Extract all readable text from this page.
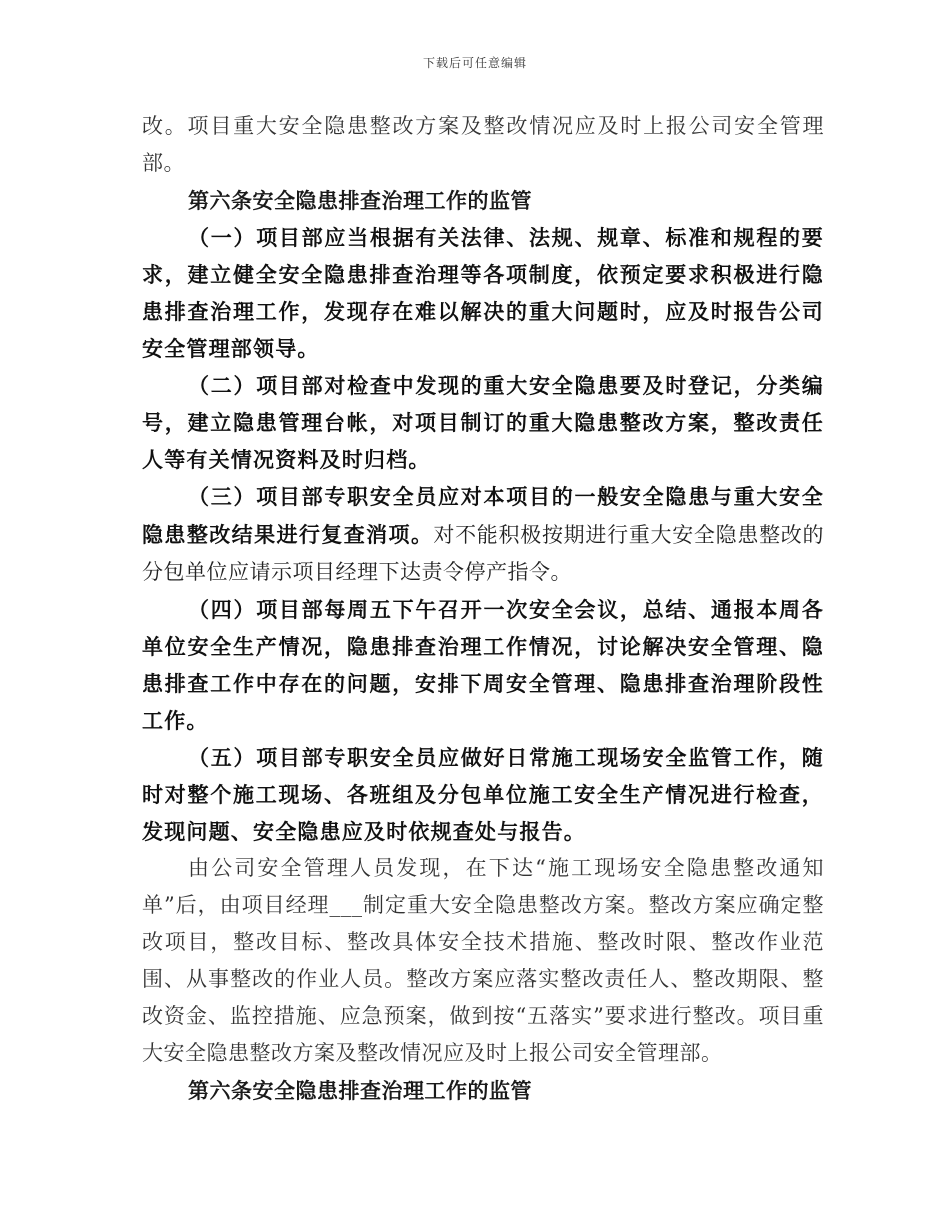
下载后可任意编辑

改。项目重大安全隐患整改方案及整改情况应及时上报公司安全管理部。

第六条安全隐患排查治理工作的监管

（一）项目部应当根据有关法律、法规、规章、标准和规程的要求，建立健全安全隐患排查治理等各项制度，依预定要求积极进行隐患排查治理工作，发现存在难以解决的重大问题时，应及时报告公司安全管理部领导。

（二）项目部对检查中发现的重大安全隐患要及时登记，分类编号，建立隐患管理台帐，对项目制订的重大隐患整改方案，整改责任人等有关情况资料及时归档。

（三）项目部专职安全员应对本项目的一般安全隐患与重大安全隐患整改结果进行复查消项。对不能积极按期进行重大安全隐患整改的分包单位应请示项目经理下达责令停产指令。

（四）项目部每周五下午召开一次安全会议，总结、通报本周各单位安全生产情况，隐患排查治理工作情况，讨论解决安全管理、隐患排查工作中存在的问题，安排下周安全管理、隐患排查治理阶段性工作。

（五）项目部专职安全员应做好日常施工现场安全监管工作，随时对整个施工现场、各班组及分包单位施工安全生产情况进行检查，发现问题、安全隐患应及时依规查处与报告。

由公司安全管理人员发现，在下达“施工现场安全隐患整改通知单”后，由项目经理___制定重大安全隐患整改方案。整改方案应确定整改项目，整改目标、整改具体安全技术措施、整改时限、整改作业范围、从事整改的作业人员。整改方案应落实整改责任人、整改期限、整改资金、监控措施、应急预案，做到按“五落实”要求进行整改。项目重大安全隐患整改方案及整改情况应及时上报公司安全管理部。

第六条安全隐患排查治理工作的监管
